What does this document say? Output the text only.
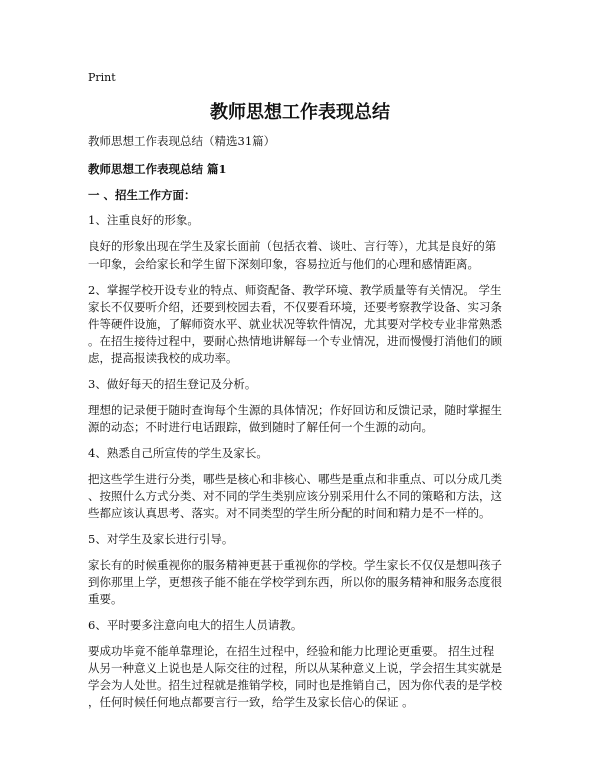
Print
教师思想工作表现总结
教师思想工作表现总结（精选31篇）
教师思想工作表现总结 篇1
一 、招生工作方面：
1、注重良好的形象。
良好的形象出现在学生及家长面前（包括衣着、谈吐、言行等），尤其是良好的第
一印象，会给家长和学生留下深刻印象，容易拉近与他们的心理和感情距离。
2、掌握学校开设专业的特点、师资配备、教学环境、教学质量等有关情况。 学生
家长不仅要听介绍，还要到校园去看，不仅要看环境，还要考察教学设备、实习条
件等硬件设施，了解师资水平、就业状况等软件情况，尤其要对学校专业非常熟悉
。在招生接待过程中，要耐心热情地讲解每一个专业情况，进而慢慢打消他们的顾
虑，提高报读我校的成功率。
3、做好每天的招生登记及分析。
理想的记录便于随时查询每个生源的具体情况；作好回访和反馈记录，随时掌握生
源的动态；不时进行电话跟踪，做到随时了解任何一个生源的动向。
4、熟悉自己所宣传的学生及家长。
把这些学生进行分类，哪些是核心和非核心、哪些是重点和非重点、可以分成几类
、按照什么方式分类、对不同的学生类别应该分别采用什么不同的策略和方法，这
些都应该认真思考、落实。对不同类型的学生所分配的时间和精力是不一样的。
5、对学生及家长进行引导。
家长有的时候重视你的服务精神更甚于重视你的学校。学生家长不仅仅是想叫孩子
到你那里上学，更想孩子能不能在学校学到东西，所以你的服务精神和服务态度很
重要。
6、平时要多注意向电大的招生人员请教。
要成功毕竟不能单靠理论，在招生过程中，经验和能力比理论更重要。 招生过程
从另一种意义上说也是人际交往的过程，所以从某种意义上说，学会招生其实就是
学会为人处世。招生过程就是推销学校，同时也是推销自己，因为你代表的是学校
，任何时候任何地点都要言行一致，给学生及家长信心的保证 。
